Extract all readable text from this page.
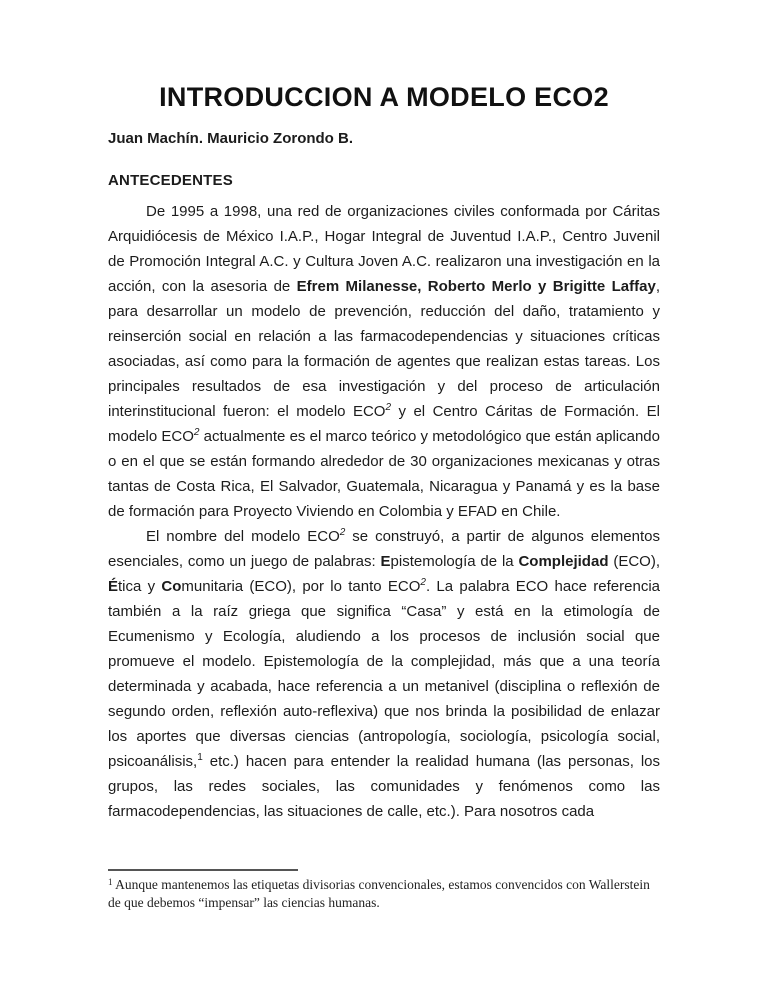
INTRODUCCION A MODELO ECO2

Juan Machín. Mauricio Zorondo B.

ANTECEDENTES

De 1995 a 1998, una red de organizaciones civiles conformada por Cáritas Arquidiócesis de México I.A.P., Hogar Integral de Juventud I.A.P., Centro Juvenil de Promoción Integral A.C. y Cultura Joven A.C. realizaron una investigación en la acción, con la asesoria de Efrem Milanesse, Roberto Merlo y Brigitte Laffay, para desarrollar un modelo de prevención, reducción del daño, tratamiento y reinserción social en relación a las farmacodependencias y situaciones críticas asociadas, así como para la formación de agentes que realizan estas tareas. Los principales resultados de esa investigación y del proceso de articulación interinstitucional fueron: el modelo ECO$^2$ y el Centro Cáritas de Formación. El modelo ECO$^2$ actualmente es el marco teórico y metodológico que están aplicando o en el que se están formando alrededor de 30 organizaciones mexicanas y otras tantas de Costa Rica, El Salvador, Guatemala, Nicaragua y Panamá y es la base de formación para Proyecto Viviendo en Colombia y EFAD en Chile.

El nombre del modelo ECO$^2$ se construyó, a partir de algunos elementos esenciales, como un juego de palabras: Epistemología de la Complejidad (ECO), Ética y Comunitaria (ECO), por lo tanto ECO$^2$. La palabra ECO hace referencia también a la raíz griega que significa “Casa” y está en la etimología de Ecumenismo y Ecología, aludiendo a los procesos de inclusión social que promueve el modelo. Epistemología de la complejidad, más que a una teoría determinada y acabada, hace referencia a un metanivel (disciplina o reflexión de segundo orden, reflexión auto-reflexiva) que nos brinda la posibilidad de enlazar los aportes que diversas ciencias (antropología, sociología, psicología social, psicoanálisis,$^1$ etc.) hacen para entender la realidad humana (las personas, los grupos, las redes sociales, las comunidades y fenómenos como las farmacodependencias, las situaciones de calle, etc.). Para nosotros cada

$^1$ Aunque mantenemos las etiquetas divisorias convencionales, estamos convencidos con Wallerstein de que debemos “impensar” las ciencias humanas.
